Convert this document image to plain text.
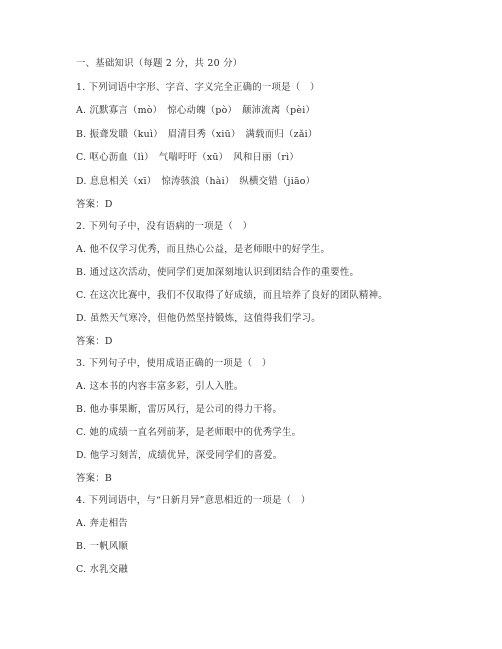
一、基础知识（每题 2 分，共 20 分）
1. 下列词语中字形、字音、字义完全正确的一项是（　）
A. 沉默寡言（mò）　惊心动魄（pò）　颠沛流离（pèi）
B. 振聋发聩（kuì）　眉清目秀（xiū）　满载而归（zǎi）
C. 呕心沥血（lì）　气喘吁吁（xū）　风和日丽（rì）
D. 息息相关（xī）　惊涛骇浪（hài）　纵横交错（jiāo）
答案：D
2. 下列句子中，没有语病的一项是（　）
A. 他不仅学习优秀，而且热心公益，是老师眼中的好学生。
B. 通过这次活动，使同学们更加深刻地认识到团结合作的重要性。
C. 在这次比赛中，我们不仅取得了好成绩，而且培养了良好的团队精神。
D. 虽然天气寒冷，但他仍然坚持锻炼，这值得我们学习。
答案：D
3. 下列句子中，使用成语正确的一项是（　）
A. 这本书的内容丰富多彩，引人入胜。
B. 他办事果断，雷厉风行，是公司的得力干将。
C. 她的成绩一直名列前茅，是老师眼中的优秀学生。
D. 他学习刻苦，成绩优异，深受同学们的喜爱。
答案：B
4. 下列词语中，与“日新月异”意思相近的一项是（　）
A. 奔走相告
B. 一帆风顺
C. 水乳交融
